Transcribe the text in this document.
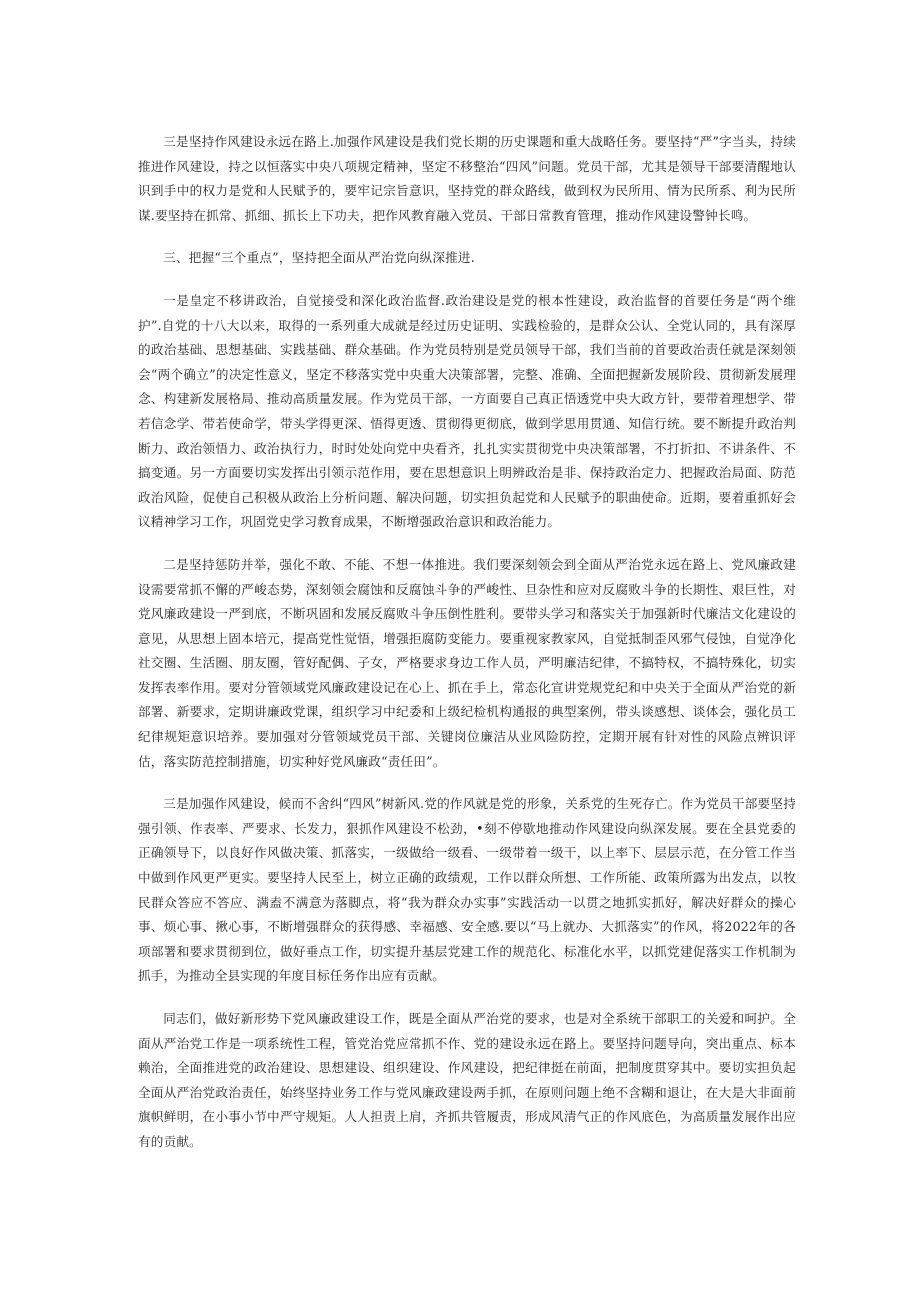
三是坚持作风建设永远在路上.加强作风建设是我们党长期的历史课题和重大战略任务。要坚持“严”字当头，持续推进作风建设，持之以恒落实中央八项规定精神，坚定不移整治“四风”问题。党员干部，尤其是领导干部要清醒地认识到手中的权力是党和人民赋予的，要牢记宗旨意识，坚持党的群众路线，做到权为民所用、情为民所系、利为民所谋.要坚持在抓常、抓细、抓长上下功夫，把作风教育融入党员、干部日常教育管理，推动作风建设警钟长鸣。

三、把握“三个重点”，坚持把全面从严治党向纵深推进.

一是皇定不移讲政治，自觉接受和深化政治监督.政治建设是党的根本性建设，政治监督的首要任务是“两个维护”.自党的十八大以来，取得的一系列重大成就是经过历史证明、实践检验的，是群众公认、全党认同的，具有深厚的政治基础、思想基础、实践基础、群众基础。作为党员特别是党员领导干部，我们当前的首要政治责任就是深刻领会“两个确立”的决定性意义，坚定不移落实党中央重大决策部署，完整、准确、全面把握新发展阶段、贯彻新发展理念、构建新发展格局、推动高质量发展。作为党员干部，一方面要自己真正悟透党中央大政方针，要带着理想学、带若信念学、带若使命学，带头学得更深、悟得更透、贯彻得更彻底，做到学思用贯通、知信行统。要不断提升政治判断力、政治领悟力、政治执行力，时时处处向党中央看齐，扎扎实实贯彻党中央决策部署，不打折扣、不讲条件、不搞变通。另一方面要切实发挥出引领示范作用，要在思想意识上明辨政治是非、保持政治定力、把握政治局面、防范政治风险，促使自己积极从政治上分析问题、解决问题，切实担负起党和人民赋予的职曲使命。近期，要着重抓好会议精神学习工作，巩固党史学习教育成果，不断增强政治意识和政治能力。

二是坚持惩防并举，强化不敢、不能、不想一体推进。我们要深刻领会到全面从严治党永远在路上、党风廉政建设需要常抓不懈的严峻态势，深刻领会腐蚀和反腐蚀斗争的严峻性、旦杂性和应对反腐败斗争的长期性、艰巨性，对党风廉政建设一严到底，不断巩固和发展反腐败斗争压倒性胜利。要带头学习和落实关于加强新时代廉洁文化建设的意见，从思想上固本培元，提高党性觉悟，增强拒腐防变能力。要重视家教家风，自觉抵制歪风邪气侵蚀，自觉净化社交圈、生活圈、朋友圈，管好配偶、子女，严格要求身边工作人员，严明廉洁纪律，不搞特权，不搞特殊化，切实发挥表率作用。要对分管领域党风廉政建设记在心上、抓在手上，常态化宣讲党规党纪和中央关于全面从严治党的新部署、新要求，定期讲廉政党课，组织学习中纪委和上级纪检机构通报的典型案例，带头谈感想、谈体会，强化员工纪律规矩意识培养。要加强对分管领域党员干部、关键岗位廉洁从业风险防控，定期开展有针对性的风险点辨识评估，落实防范控制措施，切实种好党风廉政“责任田”。

三是加强作风建设，候而不舍纠“四风”树新风.党的作风就是党的形象，关系党的生死存亡。作为党员干部要坚持强引领、作表率、严要求、长发力，狠抓作风建设不松劲，•刻不停歇地推动作风建设向纵深发展。要在全县党委的正确领导下，以良好作风做决策、抓落实，一级做给一级看、一级带着一级干，以上率下、层层示范，在分管工作当中做到作风更严更实。要坚持人民至上，树立正确的政绩观，工作以群众所想、工作所能、政策所露为出发点，以牧民群众答应不答应、满盍不满意为落脚点，将“我为群众办实事”实践活动一以贯之地抓实抓好，解决好群众的操心事、烦心事、揪心事，不断增强群众的获得感、幸福感、安全感.要以“马上就办、大抓落实”的作风，将2022年的各项部署和要求贯彻到位，做好垂点工作，切实提升基层党建工作的规范化、标准化水平，以抓党建促落实工作机制为抓手，为推动全县实现的年度目标任务作出应有贡献。

同志们，做好新形势下党风廉政建设工作，既是全面从严治党的要求，也是对全系统干部职工的关爱和呵护。全面从严治党工作是一项系统性工程，管党治党应常抓不作、党的建设永远在路上。要坚持问题导向，突出重点、标本赖治，全面推进党的政治建设、思想建设、组织建设、作风建设，把纪律挺在前面，把制度贯穿其中。要切实担负起全面从严治党政治责任，始终坚持业务工作与党风廉政建设两手抓，在原则问题上绝不含糊和退让，在大是大非面前旗帜鲜明，在小事小节中严守规矩。人人担责上肩，齐抓共管履责，形成风清气正的作风底色，为高质量发展作出应有的贡献。
